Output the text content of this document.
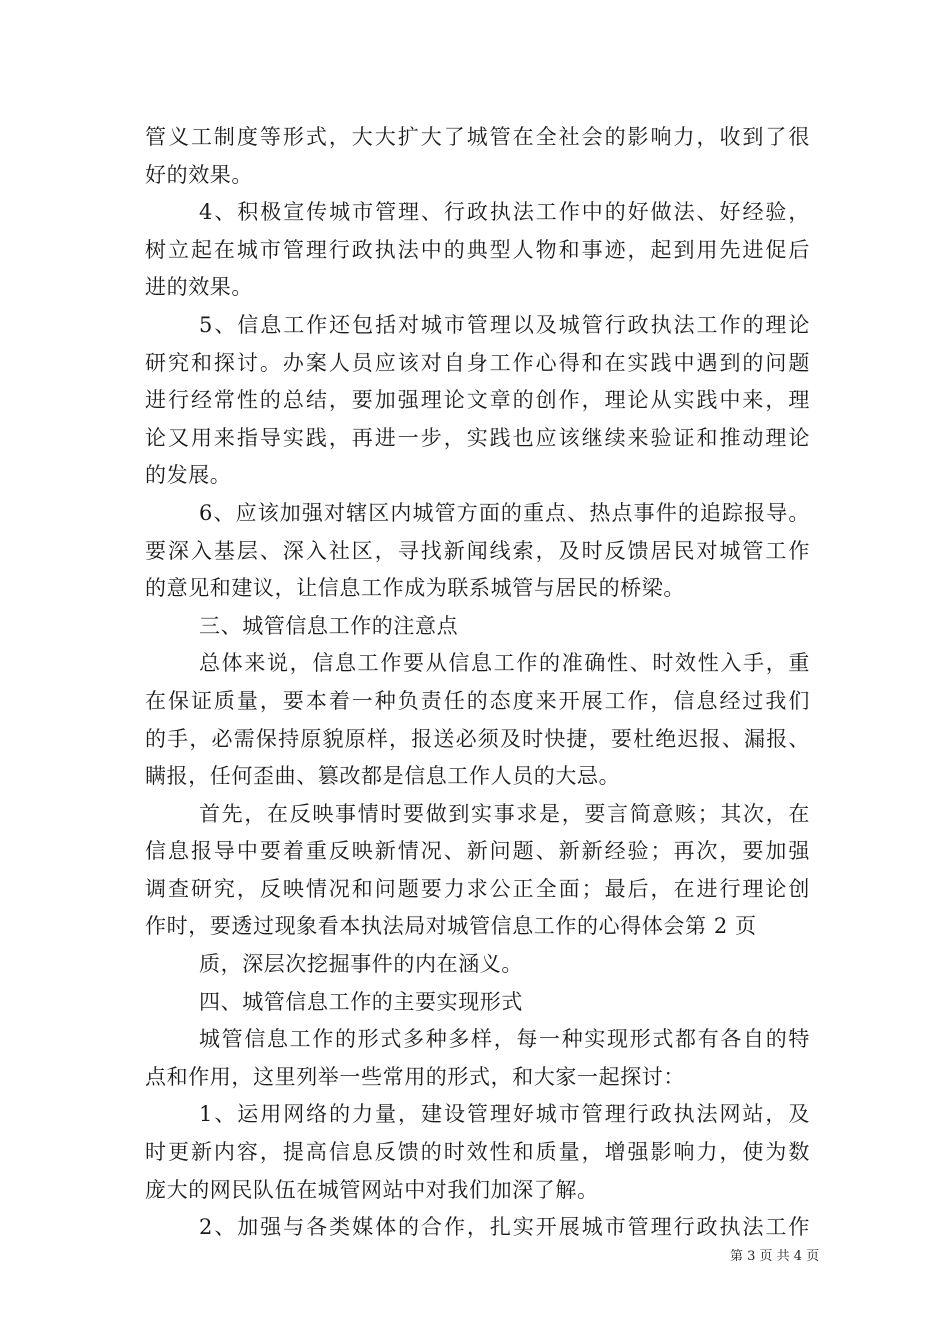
管义工制度等形式，大大扩大了城管在全社会的影响力，收到了很
好的效果。
4、积极宣传城市管理、行政执法工作中的好做法、好经验，
树立起在城市管理行政执法中的典型人物和事迹，起到用先进促后
进的效果。
5、信息工作还包括对城市管理以及城管行政执法工作的理论
研究和探讨。办案人员应该对自身工作心得和在实践中遇到的问题
进行经常性的总结，要加强理论文章的创作，理论从实践中来，理
论又用来指导实践，再进一步，实践也应该继续来验证和推动理论
的发展。
6、应该加强对辖区内城管方面的重点、热点事件的追踪报导。
要深入基层、深入社区，寻找新闻线索，及时反馈居民对城管工作
的意见和建议，让信息工作成为联系城管与居民的桥梁。
三、城管信息工作的注意点
总体来说，信息工作要从信息工作的准确性、时效性入手，重
在保证质量，要本着一种负责任的态度来开展工作，信息经过我们
的手，必需保持原貌原样，报送必须及时快捷，要杜绝迟报、漏报、
瞒报，任何歪曲、篡改都是信息工作人员的大忌。
首先，在反映事情时要做到实事求是，要言简意赅；其次，在
信息报导中要着重反映新情况、新问题、新新经验；再次，要加强
调查研究，反映情况和问题要力求公正全面；最后，在进行理论创
作时，要透过现象看本执法局对城管信息工作的心得体会第 2 页
质，深层次挖掘事件的内在涵义。
四、城管信息工作的主要实现形式
城管信息工作的形式多种多样，每一种实现形式都有各自的特
点和作用，这里列举一些常用的形式，和大家一起探讨：
1、运用网络的力量，建设管理好城市管理行政执法网站，及
时更新内容，提高信息反馈的时效性和质量，增强影响力，使为数
庞大的网民队伍在城管网站中对我们加深了解。
2、加强与各类媒体的合作，扎实开展城市管理行政执法工作
第 3 页 共 4 页
